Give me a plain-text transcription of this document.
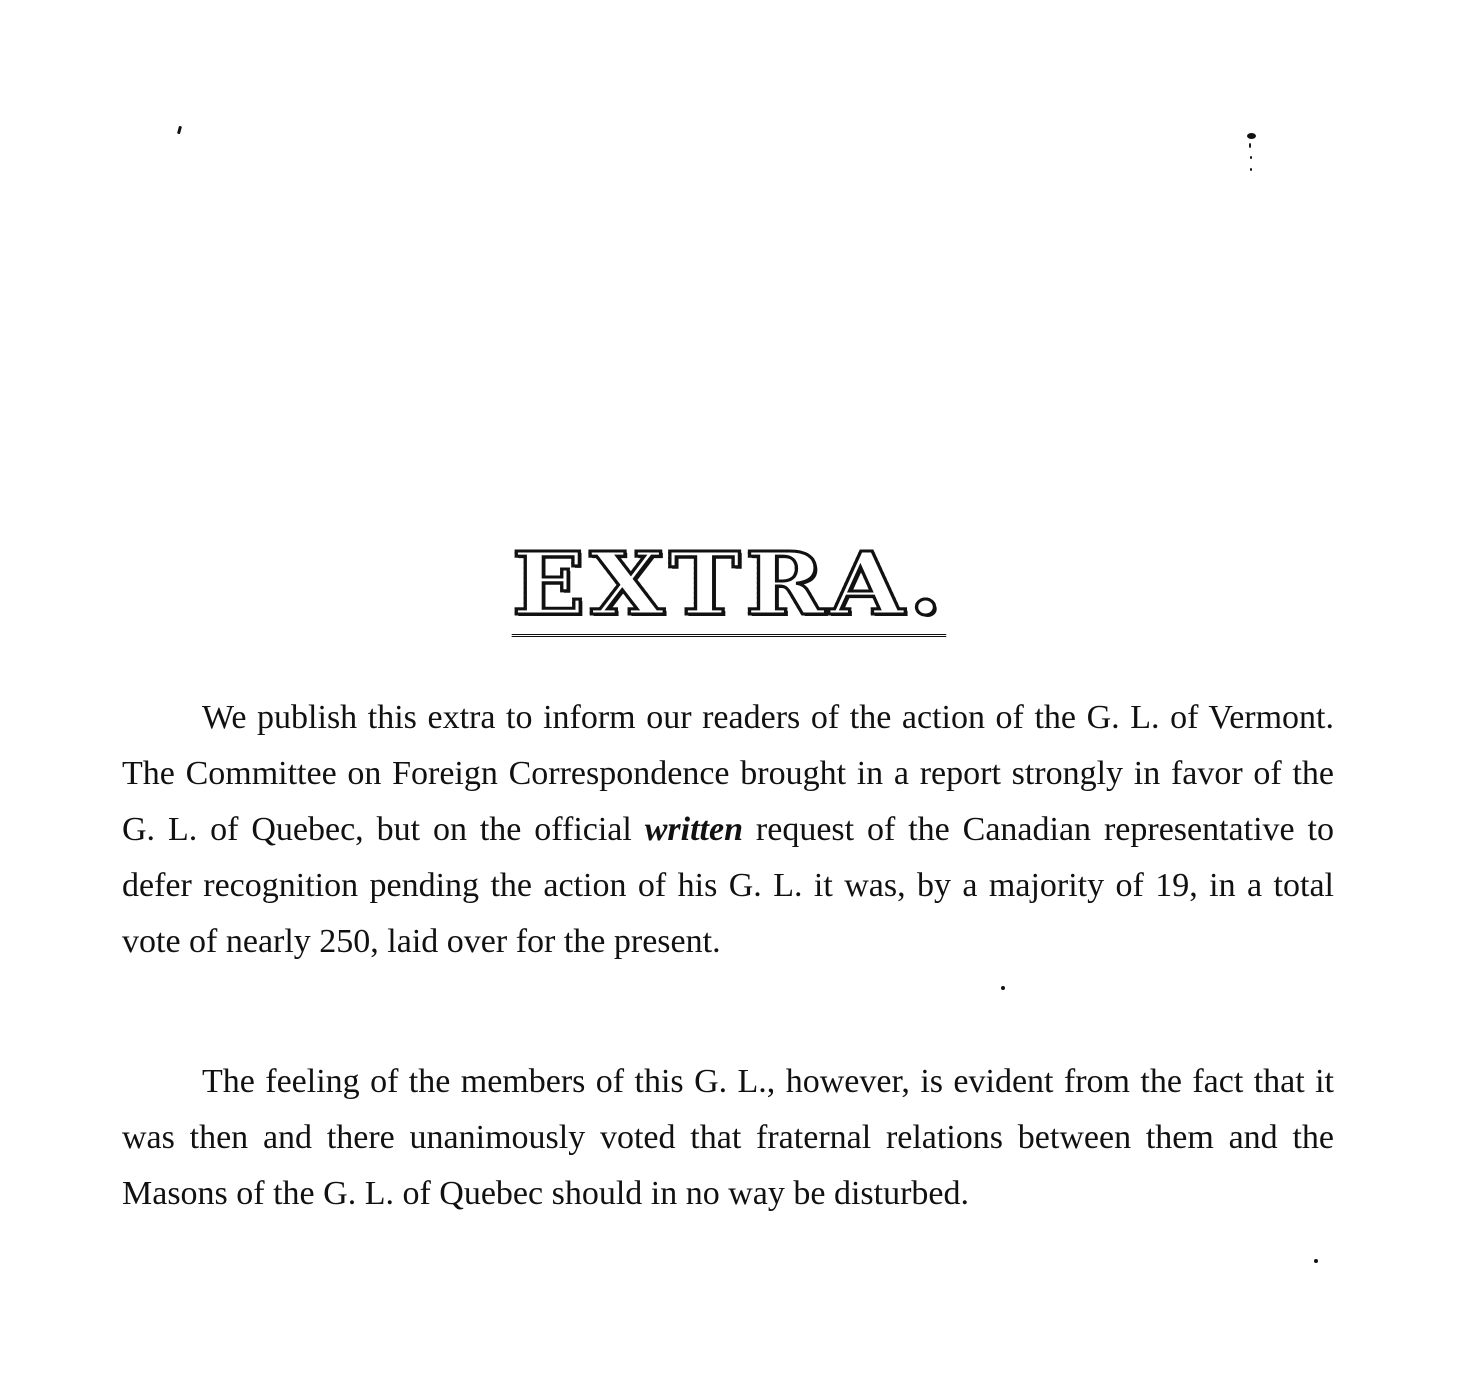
EXTRA.

We publish this extra to inform our readers of the action of the G. L. of Vermont. The Committee on Foreign Correspondence brought in a report strongly in favor of the G. L. of Quebec, but on the official written request of the Canadian representative to defer recognition pending the action of his G. L. it was, by a majority of 19, in a total vote of nearly 250, laid over for the present.

The feeling of the members of this G. L., however, is evident from the fact that it was then and there unanimously voted that fraternal relations between them and the Masons of the G. L. of Quebec should in no way be disturbed.
